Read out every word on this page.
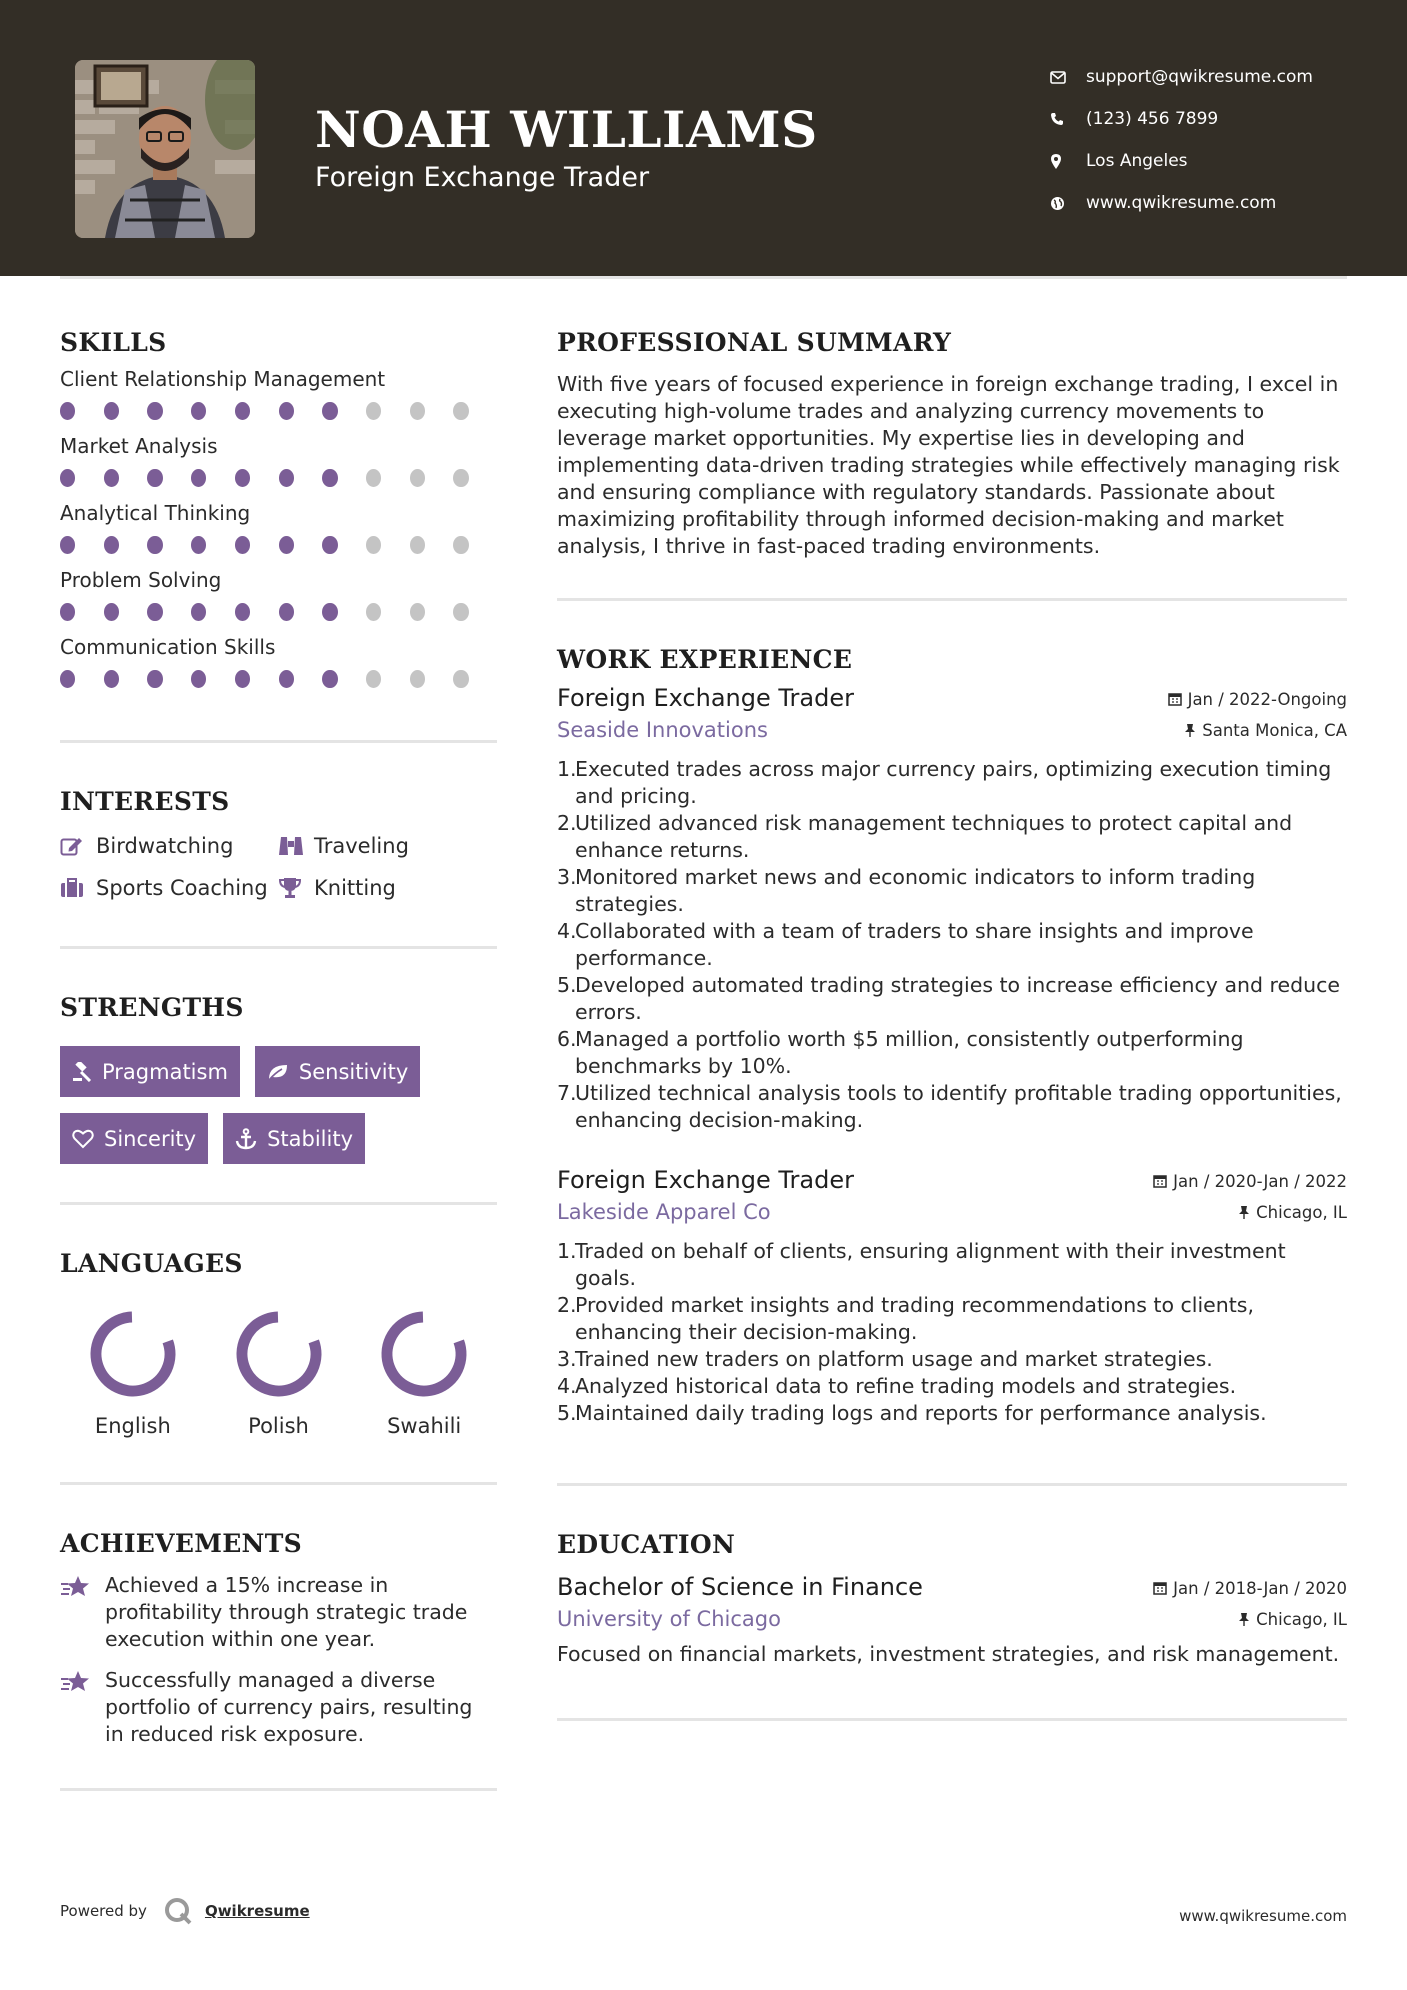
NOAH WILLIAMS
Foreign Exchange Trader
support@qwikresume.com
(123) 456 7899
Los Angeles
www.qwikresume.com
SKILLS
Client Relationship Management
Market Analysis
Analytical Thinking
Problem Solving
Communication Skills
INTERESTS
Birdwatching	Traveling
Sports Coaching Knitting
STRENGTHS
Pragmatism	Sensitivity
Sincerity	Stability
LANGUAGES
English	Polish	Swahili
ACHIEVEMENTS
Achieved a 15% increase in profitability through strategic trade execution within one year.
Successfully managed a diverse portfolio of currency pairs, resulting in reduced risk exposure.
PROFESSIONAL SUMMARY

With five years of focused experience in foreign exchange trading, I excel in executing high-volume trades and analyzing currency movements to leverage market opportunities. My expertise lies in developing and implementing data-driven trading strategies while effectively managing risk and ensuring compliance with regulatory standards. Passionate about maximizing profitability through informed decision-making and market analysis, I thrive in fast-paced trading environments.

WORK EXPERIENCE
Foreign Exchange Trader	Jan / 2022-Ongoing
Seaside Innovations	Santa Monica, CA
1.
Executed trades across major currency pairs, optimizing execution timing and pricing.
2.
Utilized advanced risk management techniques to protect capital and enhance returns.
3.
Monitored market news and economic indicators to inform trading strategies.
4.
Collaborated with a team of traders to share insights and improve performance.
5.
Developed automated trading strategies to increase efficiency and reduce errors.
6.
Managed a portfolio worth $5 million, consistently outperforming benchmarks by 10%.
7.
Utilized technical analysis tools to identify profitable trading opportunities, enhancing decision-making.
Foreign Exchange Trader	Jan / 2020-Jan / 2022
Lakeside Apparel Co	Chicago, IL
1.
Traded on behalf of clients, ensuring alignment with their investment goals.
2.
Provided market insights and trading recommendations to clients, enhancing their decision-making.
3.
Trained new traders on platform usage and market strategies.
4.
Analyzed historical data to refine trading models and strategies.
5.
Maintained daily trading logs and reports for performance analysis.
EDUCATION
Bachelor of Science in Finance	Jan / 2018-Jan / 2020
University of Chicago	Chicago, IL

Focused on financial markets, investment strategies, and risk management.

Powered by	Qwikresume	www.qwikresume.com
